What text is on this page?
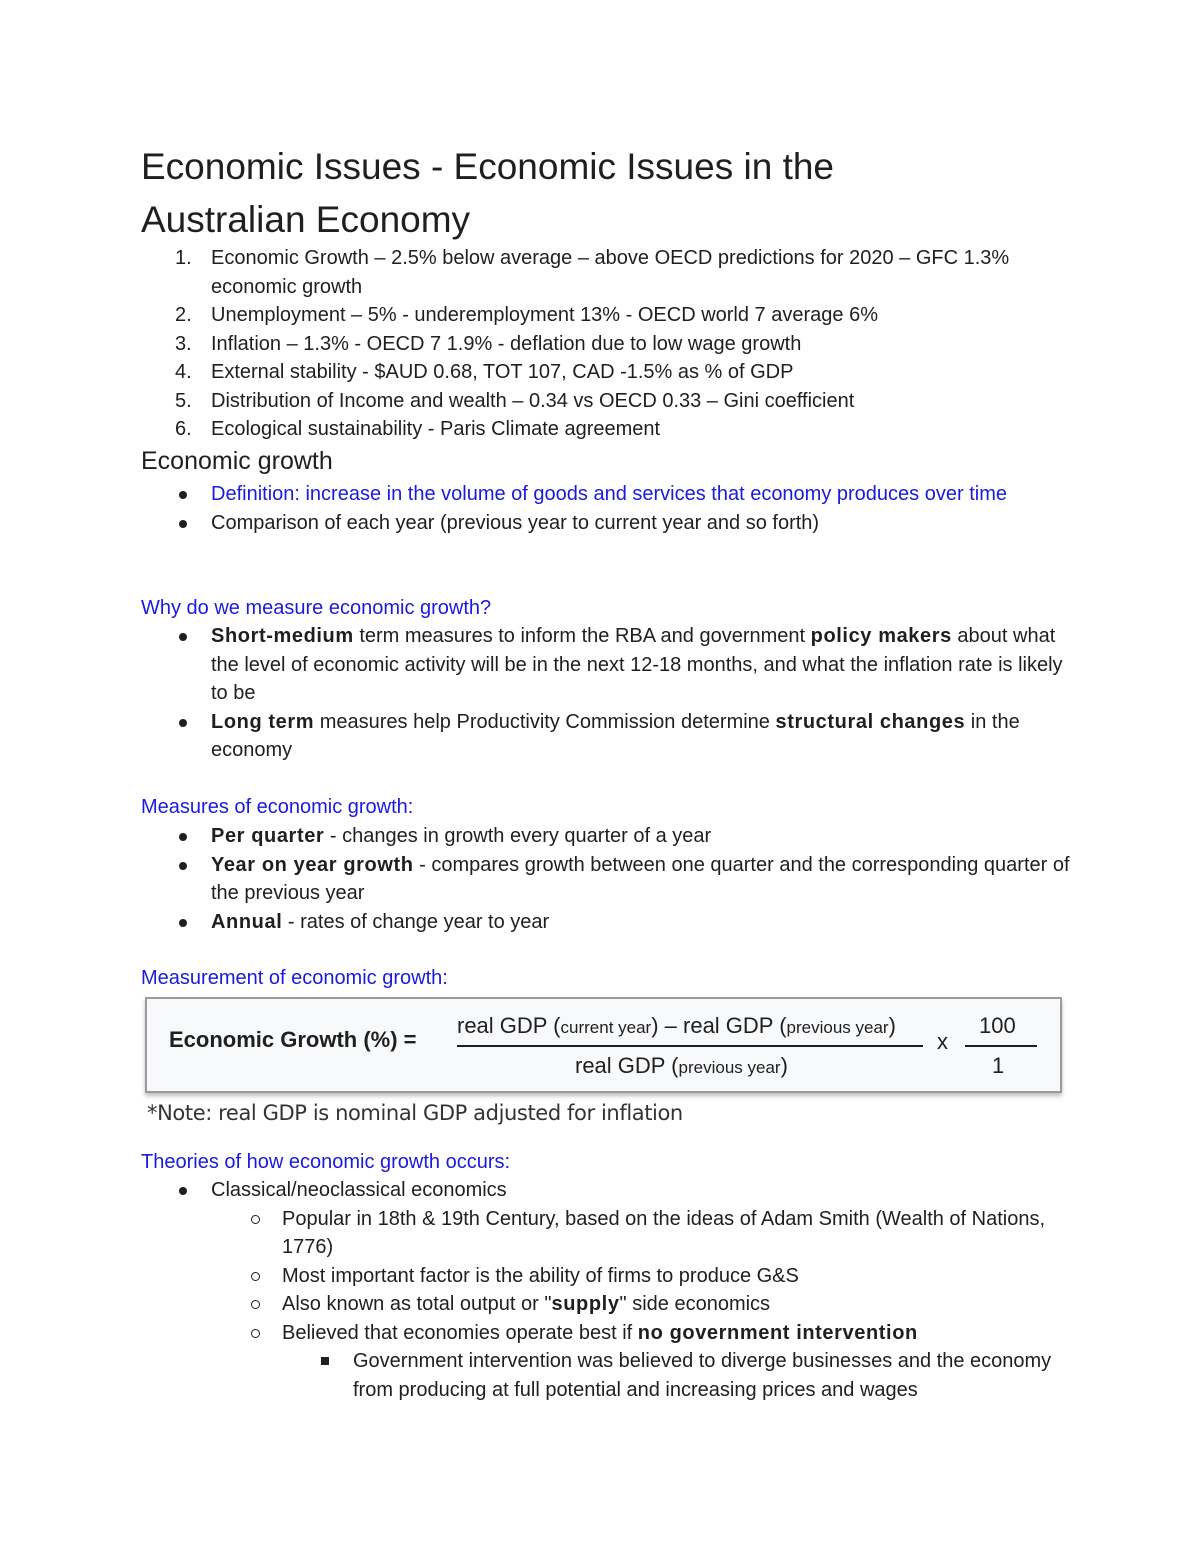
Economic Issues - Economic Issues in the
Australian Economy
1. Economic Growth – 2.5% below average – above OECD predictions for 2020 – GFC 1.3% economic growth
2. Unemployment – 5% - underemployment 13% - OECD world 7 average 6%
3. Inflation – 1.3% - OECD 7 1.9% - deflation due to low wage growth
4. External stability - $AUD 0.68, TOT 107, CAD -1.5% as % of GDP
5. Distribution of Income and wealth – 0.34 vs OECD 0.33 – Gini coefficient
6. Ecological sustainability - Paris Climate agreement
Economic growth
Definition: increase in the volume of goods and services that economy produces over time
Comparison of each year (previous year to current year and so forth)
Why do we measure economic growth?
Short-medium term measures to inform the RBA and government policy makers about what the level of economic activity will be in the next 12-18 months, and what the inflation rate is likely to be
Long term measures help Productivity Commission determine structural changes in the economy
Measures of economic growth:
Per quarter - changes in growth every quarter of a year
Year on year growth - compares growth between one quarter and the corresponding quarter of the previous year
Annual - rates of change year to year
Measurement of economic growth:
Economic Growth (%) =
real GDP (current year) – real GDP (previous year)
real GDP (previous year)
x
100
1
*Note: real GDP is nominal GDP adjusted for inflation
Theories of how economic growth occurs:
Classical/neoclassical economics
Popular in 18th & 19th Century, based on the ideas of Adam Smith (Wealth of Nations, 1776)
Most important factor is the ability of firms to produce G&S
Also known as total output or "supply" side economics
Believed that economies operate best if no government intervention
Government intervention was believed to diverge businesses and the economy from producing at full potential and increasing prices and wages
